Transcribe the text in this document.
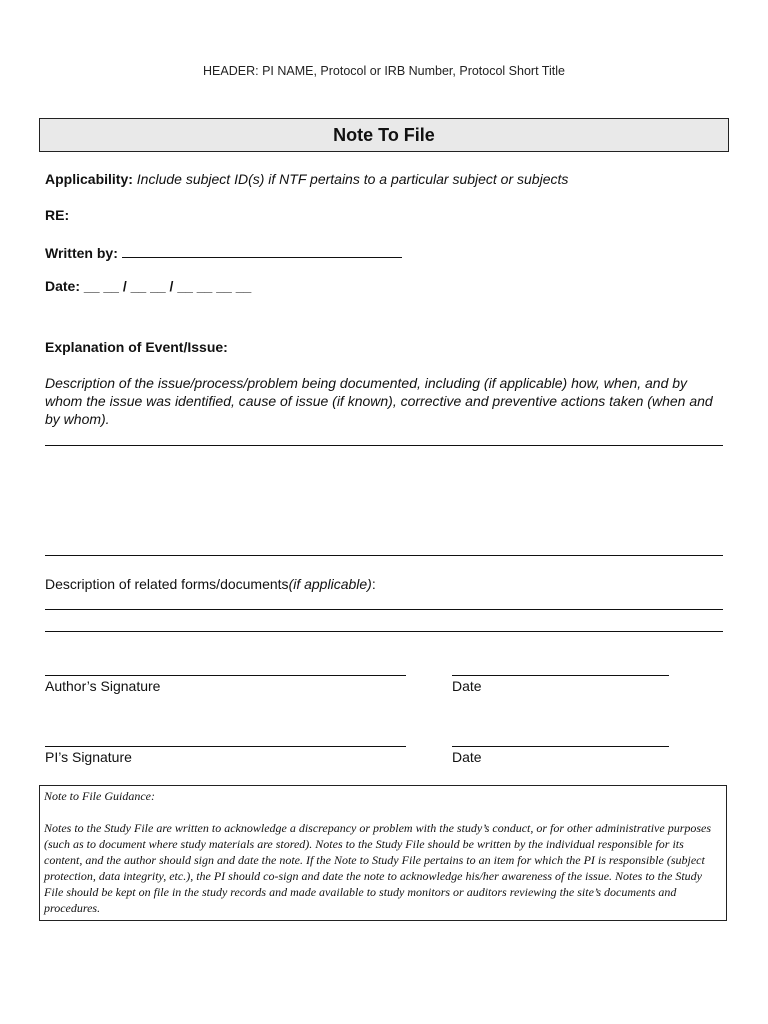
HEADER: PI NAME, Protocol or IRB Number, Protocol Short Title
Note To File
Applicability: Include subject ID(s) if NTF pertains to a particular subject or subjects
RE:
Written by:
Date: __ __ / __ __ / __ __ __ __
Explanation of Event/Issue:
Description of the issue/process/problem being documented, including (if applicable) how, when, and by whom the issue was identified, cause of issue (if known), corrective and preventive actions taken (when and by whom).
Description of related forms/documents(if applicable):
Author’s Signature	Date
PI’s Signature	Date
Note to File Guidance:
Notes to the Study File are written to acknowledge a discrepancy or problem with the study’s conduct, or for other administrative purposes (such as to document where study materials are stored). Notes to the Study File should be written by the individual responsible for its content, and the author should sign and date the note. If the Note to Study File pertains to an item for which the PI is responsible (subject protection, data integrity, etc.), the PI should co-sign and date the note to acknowledge his/her awareness of the issue. Notes to the Study File should be kept on file in the study records and made available to study monitors or auditors reviewing the site’s documents and procedures.
